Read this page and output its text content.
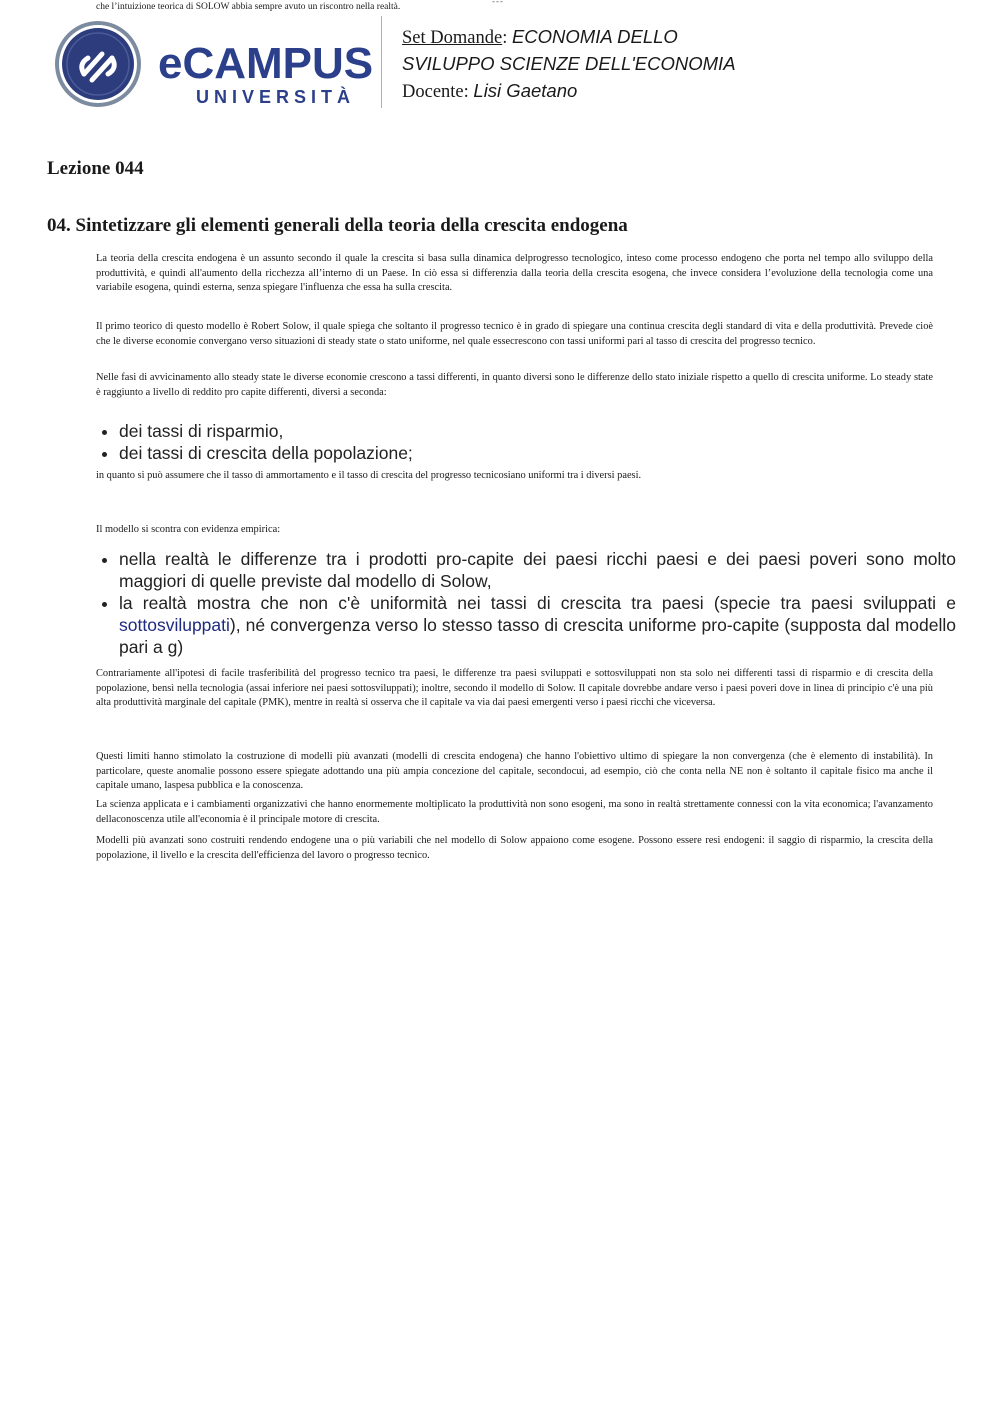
che l’intuizione teorica di SOLOW abbia sempre avuto un riscontro nella realtà.
---
eCAMPUS
UNIVERSITÀ
Set Domande: ECONOMIA DELLO
SVILUPPO SCIENZE DELL'ECONOMIA
Docente: Lisi Gaetano
Lezione 044
04. Sintetizzare gli elementi generali della teoria della crescita endogena
La teoria della crescita endogena è un assunto secondo il quale la crescita si basa sulla dinamica delprogresso tecnologico, inteso come processo endogeno che porta nel tempo allo sviluppo della produttività, e quindi all'aumento della ricchezza all’interno di un Paese. In ciò essa si differenzia dalla teoria della crescita esogena, che invece considera l’evoluzione della tecnologia come una variabile esogena, quindi esterna, senza spiegare l'influenza che essa ha sulla crescita.
Il primo teorico di questo modello è Robert Solow, il quale spiega che soltanto il progresso tecnico è in grado di spiegare una continua crescita degli standard di vita e della produttività. Prevede cioè che le diverse economie convergano verso situazioni di steady state o stato uniforme, nel quale essecrescono con tassi uniformi pari al tasso di crescita del progresso tecnico.
Nelle fasi di avvicinamento allo steady state le diverse economie crescono a tassi differenti, in quanto diversi sono le differenze dello stato iniziale rispetto a quello di crescita uniforme. Lo steady state è raggiunto a livello di reddito pro capite differenti, diversi a seconda:
• dei tassi di risparmio,
• dei tassi di crescita della popolazione;
in quanto si può assumere che il tasso di ammortamento e il tasso di crescita del progresso tecnicosiano uniformi tra i diversi paesi.
Il modello si scontra con evidenza empirica:
• nella realtà le differenze tra i prodotti pro-capite dei paesi ricchi paesi e dei paesi poveri sono molto maggiori di quelle previste dal modello di Solow,
• la realtà mostra che non c'è uniformità nei tassi di crescita tra paesi (specie tra paesi sviluppati e sottosviluppati), né convergenza verso lo stesso tasso di crescita uniforme pro-capite (supposta dal modello pari a g)
Contrariamente all'ipotesi di facile trasferibilità del progresso tecnico tra paesi, le differenze tra paesi sviluppati e sottosviluppati non sta solo nei differenti tassi di risparmio e di crescita della popolazione, bensì nella tecnologia (assai inferiore nei paesi sottosviluppati); inoltre, secondo il modello di Solow. Il capitale dovrebbe andare verso i paesi poveri dove in linea di principio c'è una più alta produttività marginale del capitale (PMK), mentre in realtà si osserva che il capitale va via dai paesi emergenti verso i paesi ricchi che viceversa.
Questi limiti hanno stimolato la costruzione di modelli più avanzati (modelli di crescita endogena) che hanno l'obiettivo ultimo di spiegare la non convergenza (che è elemento di instabilità). In particolare, queste anomalie possono essere spiegate adottando una più ampia concezione del capitale, secondocui, ad esempio, ciò che conta nella NE non è soltanto il capitale fisico ma anche il capitale umano, laspesa pubblica e la conoscenza.
La scienza applicata e i cambiamenti organizzativi che hanno enormemente moltiplicato la produttività non sono esogeni, ma sono in realtà strettamente connessi con la vita economica; l'avanzamento dellaconoscenza utile all'economia è il principale motore di crescita.
Modelli più avanzati sono costruiti rendendo endogene una o più variabili che nel modello di Solow appaiono come esogene. Possono essere resi endogeni: il saggio di risparmio, la crescita della popolazione, il livello e la crescita dell'efficienza del lavoro o progresso tecnico.
